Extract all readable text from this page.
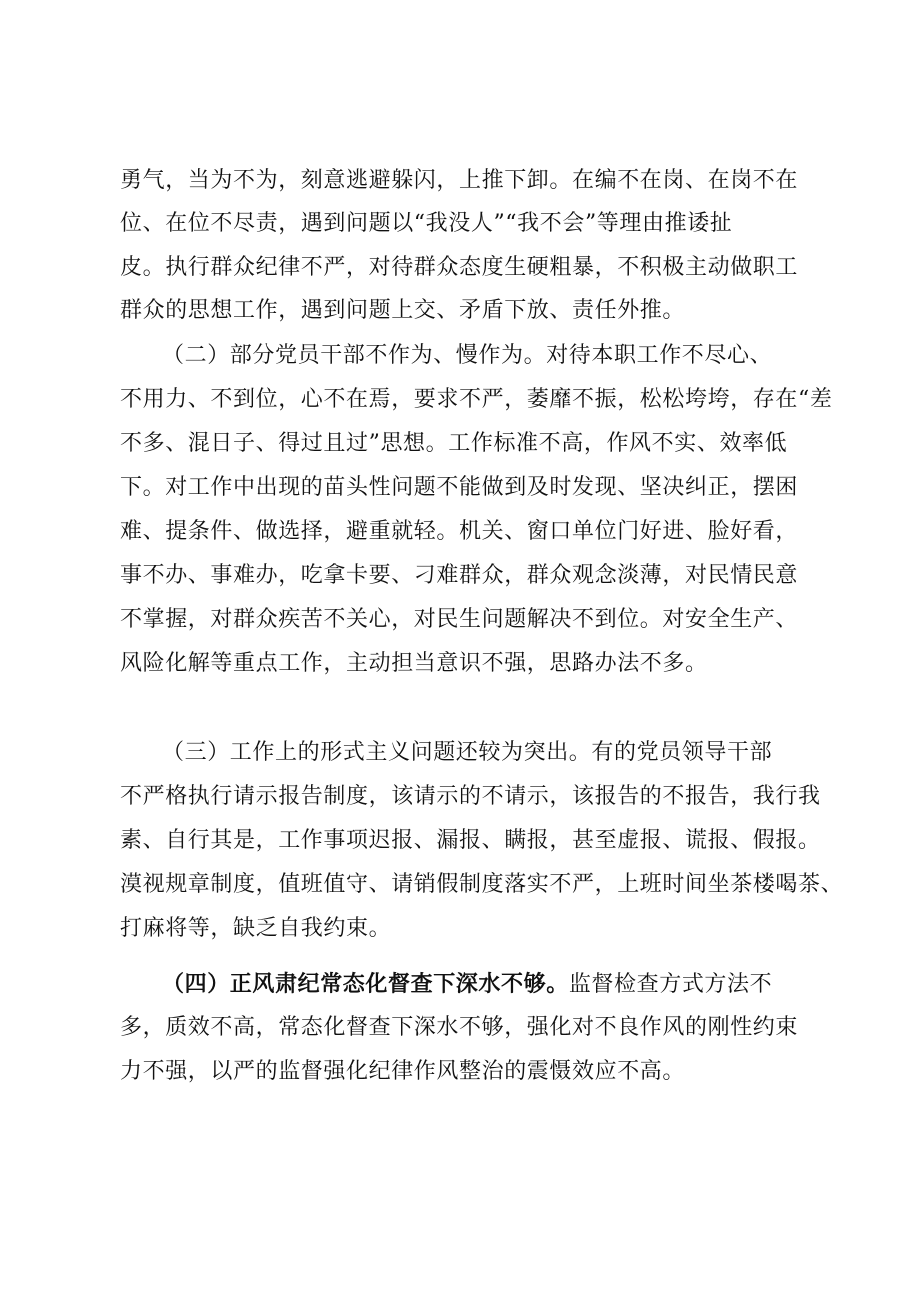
勇气，当为不为，刻意逃避躲闪，上推下卸。在编不在岗、在岗不在

位、在位不尽责，遇到问题以“我没人”“我不会”等理由推诿扯

皮。执行群众纪律不严，对待群众态度生硬粗暴，不积极主动做职工

群众的思想工作，遇到问题上交、矛盾下放、责任外推。

（二）部分党员干部不作为、慢作为。对待本职工作不尽心、

不用力、不到位，心不在焉，要求不严，萎靡不振，松松垮垮，存在“差

不多、混日子、得过且过”思想。工作标准不高，作风不实、效率低

下。对工作中出现的苗头性问题不能做到及时发现、坚决纠正，摆困

难、提条件、做选择，避重就轻。机关、窗口单位门好进、脸好看，

事不办、事难办，吃拿卡要、刁难群众，群众观念淡薄，对民情民意

不掌握，对群众疾苦不关心，对民生问题解决不到位。对安全生产、

风险化解等重点工作，主动担当意识不强，思路办法不多。

（三）工作上的形式主义问题还较为突出。有的党员领导干部

不严格执行请示报告制度，该请示的不请示，该报告的不报告，我行我

素、自行其是，工作事项迟报、漏报、瞒报，甚至虚报、谎报、假报。

漠视规章制度，值班值守、请销假制度落实不严，上班时间坐茶楼喝茶、

打麻将等，缺乏自我约束。

（四）正风肃纪常态化督查下深水不够。监督检查方式方法不

多，质效不高，常态化督查下深水不够，强化对不良作风的刚性约束

力不强，以严的监督强化纪律作风整治的震慑效应不高。
